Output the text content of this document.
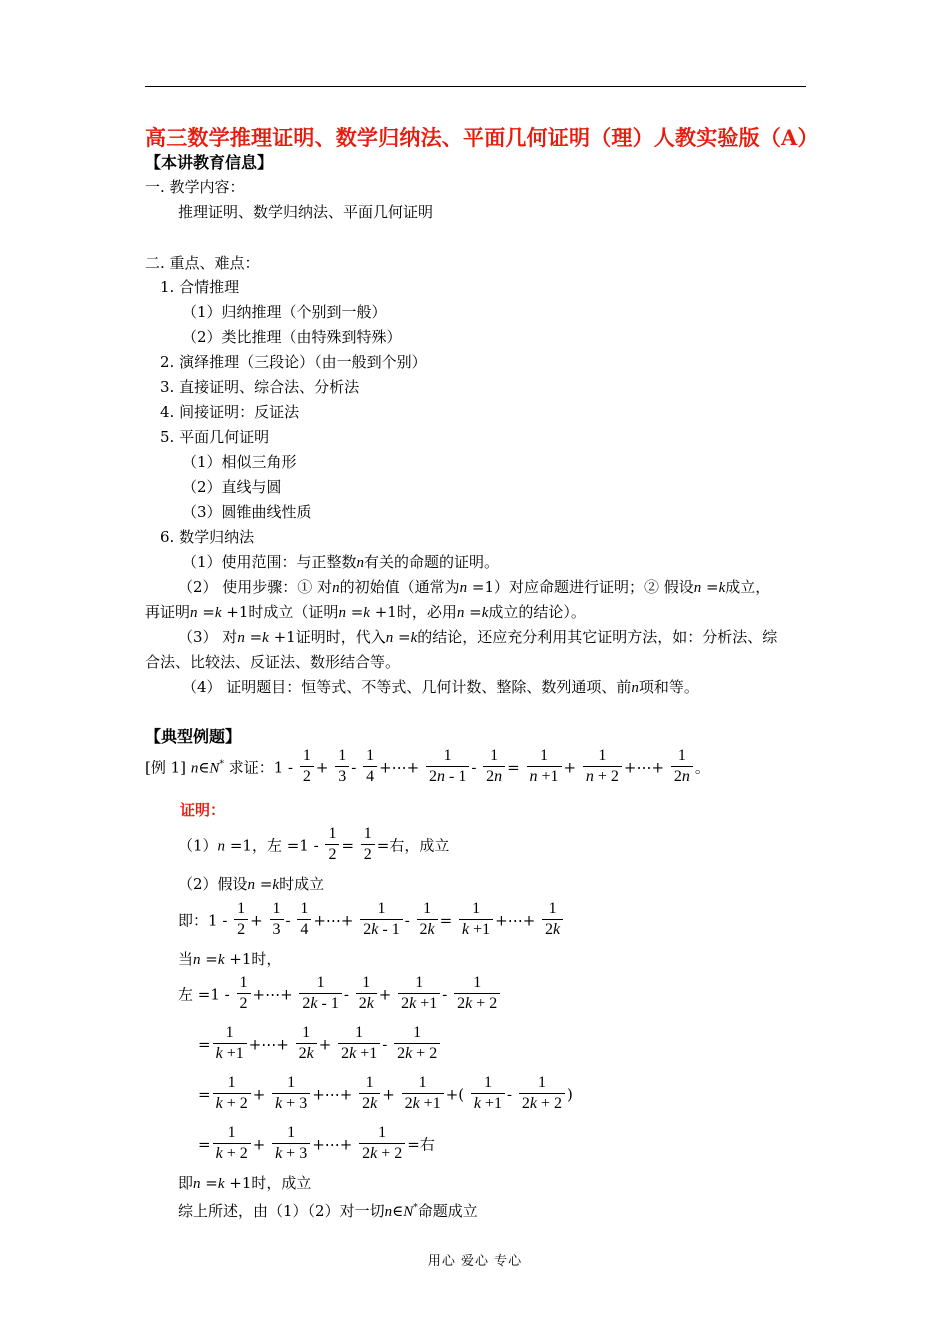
高三数学推理证明、数学归纳法、平面几何证明（理）人教实验版（A）
【本讲教育信息】
一. 教学内容：
推理证明、数学归纳法、平面几何证明
二. 重点、难点：
1. 合情推理
（1）归纳推理（个别到一般）
（2）类比推理（由特殊到特殊）
2. 演绎推理（三段论）（由一般到个别）
3. 直接证明、综合法、分析法
4. 间接证明：反证法
5. 平面几何证明
（1）相似三角形
（2）直线与圆
（3）圆锥曲线性质
6. 数学归纳法
（1）使用范围：与正整数n有关的命题的证明。
（2） 使用步骤：① 对n的初始值（通常为n =1）对应命题进行证明；② 假设n =k成立，
再证明n =k +1时成立（证明n =k +1时，必用n =k成立的结论）。
（3） 对n =k +1证明时，代入n =k的结论，还应充分利用其它证明方法，如：分析法、综
合法、比较法、反证法、数形结合等。
（4） 证明题目：恒等式、不等式、几何计数、整除、数列通项、前n项和等。
【典型例题】
[例 1] n∈N* 求证：$1 - \frac{1}{2} + \frac{1}{3} - \frac{1}{4}$ +⋯+ $\frac{1}{2n - 1} - \frac{1}{2n} = \frac{1}{n +1} + \frac{1}{n + 2}$ +⋯+ $\frac{1}{2n}$ 。
证明：
（1）n =1，左 $=1 - \frac{1}{2} = \frac{1}{2}$ =右，成立
（2）假设n =k时成立
即：$1 - \frac{1}{2} + \frac{1}{3} - \frac{1}{4}$ +⋯+ $\frac{1}{2k - 1} - \frac{1}{2k} = \frac{1}{k +1}$ +⋯+ $\frac{1}{2k}$
当n =k +1时，
左 $=1 - \frac{1}{2}$ +⋯+ $\frac{1}{2k - 1} - \frac{1}{2k} + \frac{1}{2k +1} - \frac{1}{2k + 2}$
= $\frac{1}{k +1}$ +⋯+ $\frac{1}{2k} + \frac{1}{2k +1} - \frac{1}{2k + 2}$
= $\frac{1}{k + 2} + \frac{1}{k + 3}$ +⋯+ $\frac{1}{2k} + \frac{1}{2k +1}$ +( $\frac{1}{k +1} - \frac{1}{2k + 2}$ )
= $\frac{1}{k + 2} + \frac{1}{k + 3}$ +⋯+ $\frac{1}{2k + 2}$ =右
即n =k +1时，成立
综上所述，由（1）（2）对一切n∈N*命题成立
用心 爱心 专心
